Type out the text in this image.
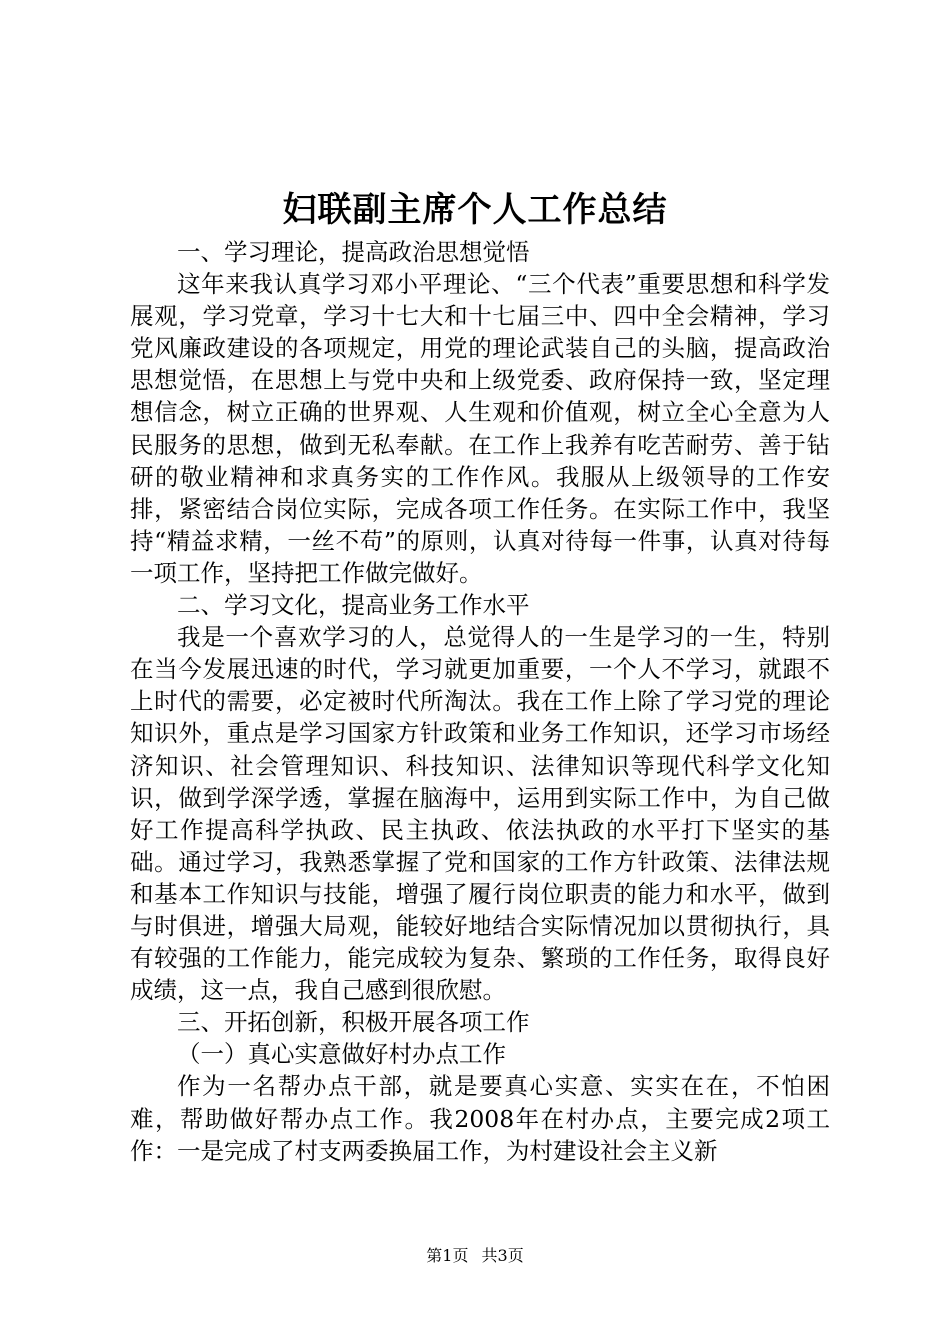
妇联副主席个人工作总结

一、学习理论，提高政治思想觉悟

这年来我认真学习邓小平理论、“三个代表”重要思想和科学发展观，学习党章，学习十七大和十七届三中、四中全会精神，学习党风廉政建设的各项规定，用党的理论武装自己的头脑，提高政治思想觉悟，在思想上与党中央和上级党委、政府保持一致，坚定理想信念，树立正确的世界观、人生观和价值观，树立全心全意为人民服务的思想，做到无私奉献。在工作上我养有吃苦耐劳、善于钻研的敬业精神和求真务实的工作作风。我服从上级领导的工作安排，紧密结合岗位实际，完成各项工作任务。在实际工作中，我坚持“精益求精，一丝不苟”的原则，认真对待每一件事，认真对待每一项工作，坚持把工作做完做好。

二、学习文化，提高业务工作水平

我是一个喜欢学习的人，总觉得人的一生是学习的一生，特别在当今发展迅速的时代，学习就更加重要，一个人不学习，就跟不上时代的需要，必定被时代所淘汰。我在工作上除了学习党的理论知识外，重点是学习国家方针政策和业务工作知识，还学习市场经济知识、社会管理知识、科技知识、法律知识等现代科学文化知识，做到学深学透，掌握在脑海中，运用到实际工作中，为自己做好工作提高科学执政、民主执政、依法执政的水平打下坚实的基础。通过学习，我熟悉掌握了党和国家的工作方针政策、法律法规和基本工作知识与技能，增强了履行岗位职责的能力和水平，做到与时俱进，增强大局观，能较好地结合实际情况加以贯彻执行，具有较强的工作能力，能完成较为复杂、繁琐的工作任务，取得良好成绩，这一点，我自己感到很欣慰。

三、开拓创新，积极开展各项工作

（一）真心实意做好村办点工作

作为一名帮办点干部，就是要真心实意、实实在在，不怕困难，帮助做好帮办点工作。我2008年在村办点，主要完成2项工作：一是完成了村支两委换届工作，为村建设社会主义新

第1页 共3页
